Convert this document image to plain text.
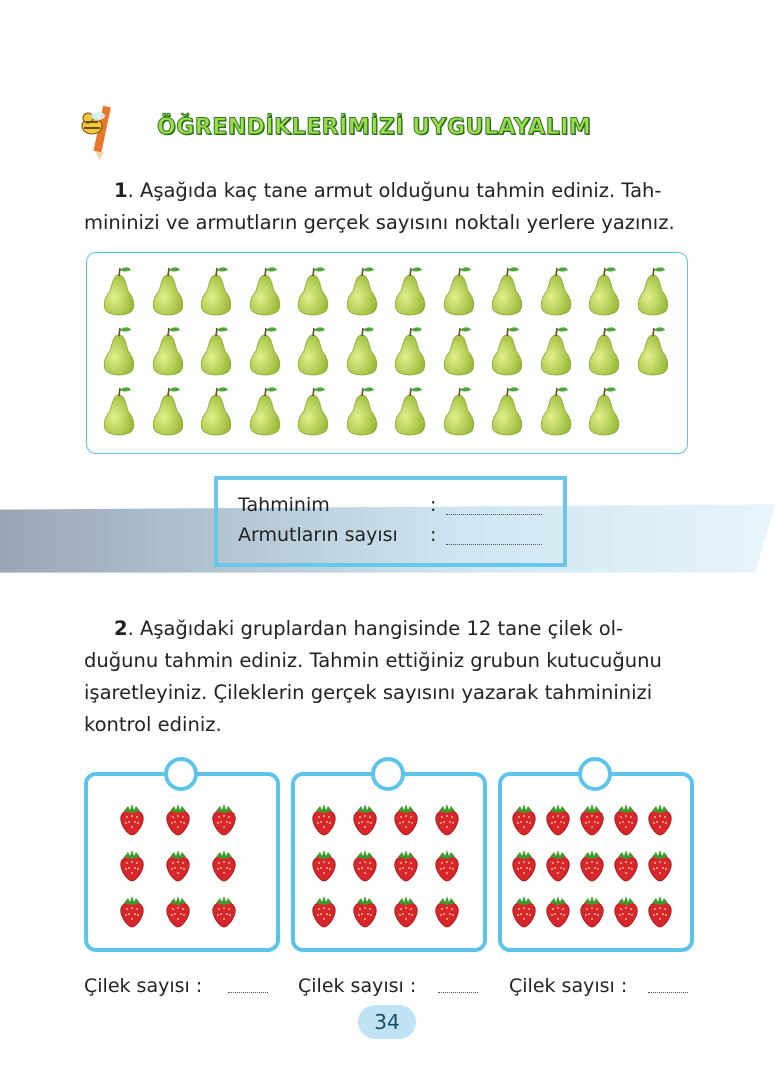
ÖĞRENDİKLERİMİZİ UYGULAYALIM
1. Aşağıda kaç tane armut olduğunu tahmin ediniz. Tah-
mininizi ve armutların gerçek sayısını noktalı yerlere yazınız.
Tahminim	:
Armutların sayısı :
2. Aşağıdaki gruplardan hangisinde 12 tane çilek ol-
duğunu tahmin ediniz. Tahmin ettiğiniz grubun kutucuğunu
işaretleyiniz. Çileklerin gerçek sayısını yazarak tahmininizi
kontrol ediniz.
Çilek sayısı :	Çilek sayısı :	Çilek sayısı :
34
